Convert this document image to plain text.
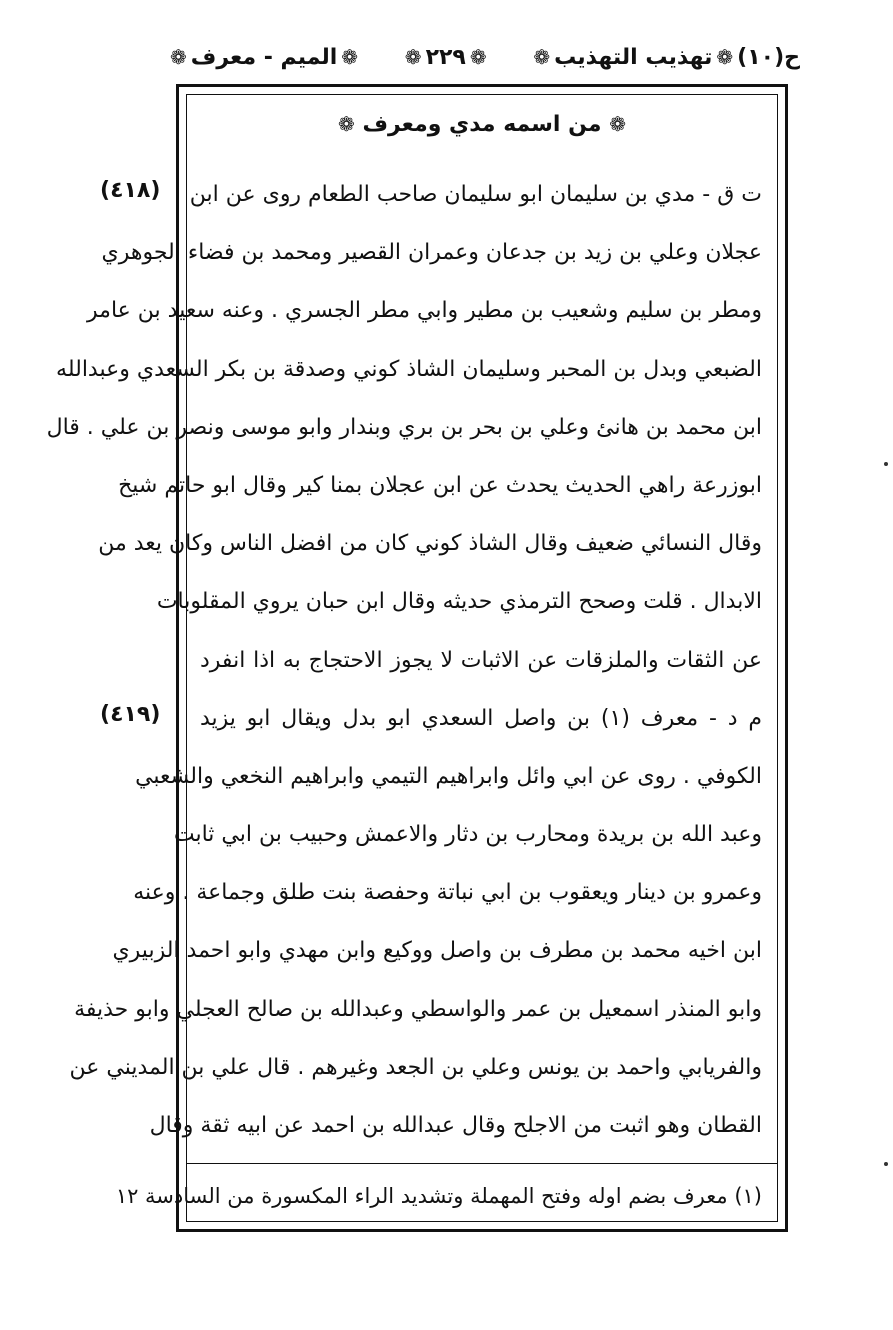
ح(١٠)
❁
تهذيب التهذيب
❁
❁
٢٢٩
❁
❁
الميم - معرف
❁
❁ من اسمه مدي ومعرف ❁
(٤١٨)
(٤١٩)
ت ق - مدي بن سليمان ابو سليمان صاحب الطعام روى عن ابن
عجلان وعلي بن زيد بن جدعان وعمران القصير ومحمد بن فضاء الجوهري
ومطر بن سليم وشعيب بن مطير وابي مطر الجسري . وعنه سعيد بن عامر
الضبعي وبدل بن المحبر وسليمان الشاذ كوني وصدقة بن بكر السعدي وعبدالله
ابن محمد بن هانئ وعلي بن بحر بن بري وبندار وابو موسى ونصر بن علي . قال
ابوزرعة راهي الحديث يحدث عن ابن عجلان بمنا كير وقال ابو حاتم شيخ
وقال النسائي ضعيف وقال الشاذ كوني كان من افضل الناس وكان يعد من
الابدال . قلت وصحح الترمذي حديثه وقال ابن حبان يروي المقلوبات
عن الثقات والملزقات عن الاثبات لا يجوز الاحتجاج به اذا انفرد
م د - معرف (١) بن واصل السعدي ابو بدل ويقال ابو يزيد
الكوفي . روى عن ابي وائل وابراهيم التيمي وابراهيم النخعي والشعبي
وعبد الله بن بريدة ومحارب بن دثار والاعمش وحبيب بن ابي ثابت
وعمرو بن دينار ويعقوب بن ابي نباتة وحفصة بنت طلق وجماعة . وعنه
ابن اخيه محمد بن مطرف بن واصل ووكيع وابن مهدي وابو احمد الزبيري
وابو المنذر اسمعيل بن عمر والواسطي وعبدالله بن صالح العجلي وابو حذيفة
والفريابي واحمد بن يونس وعلي بن الجعد وغيرهم . قال علي بن المديني عن
القطان وهو اثبت من الاجلح وقال عبدالله بن احمد عن ابيه ثقة وقال
(١) معرف بضم اوله وفتح المهملة وتشديد الراء المكسورة من السادسة ١٢
